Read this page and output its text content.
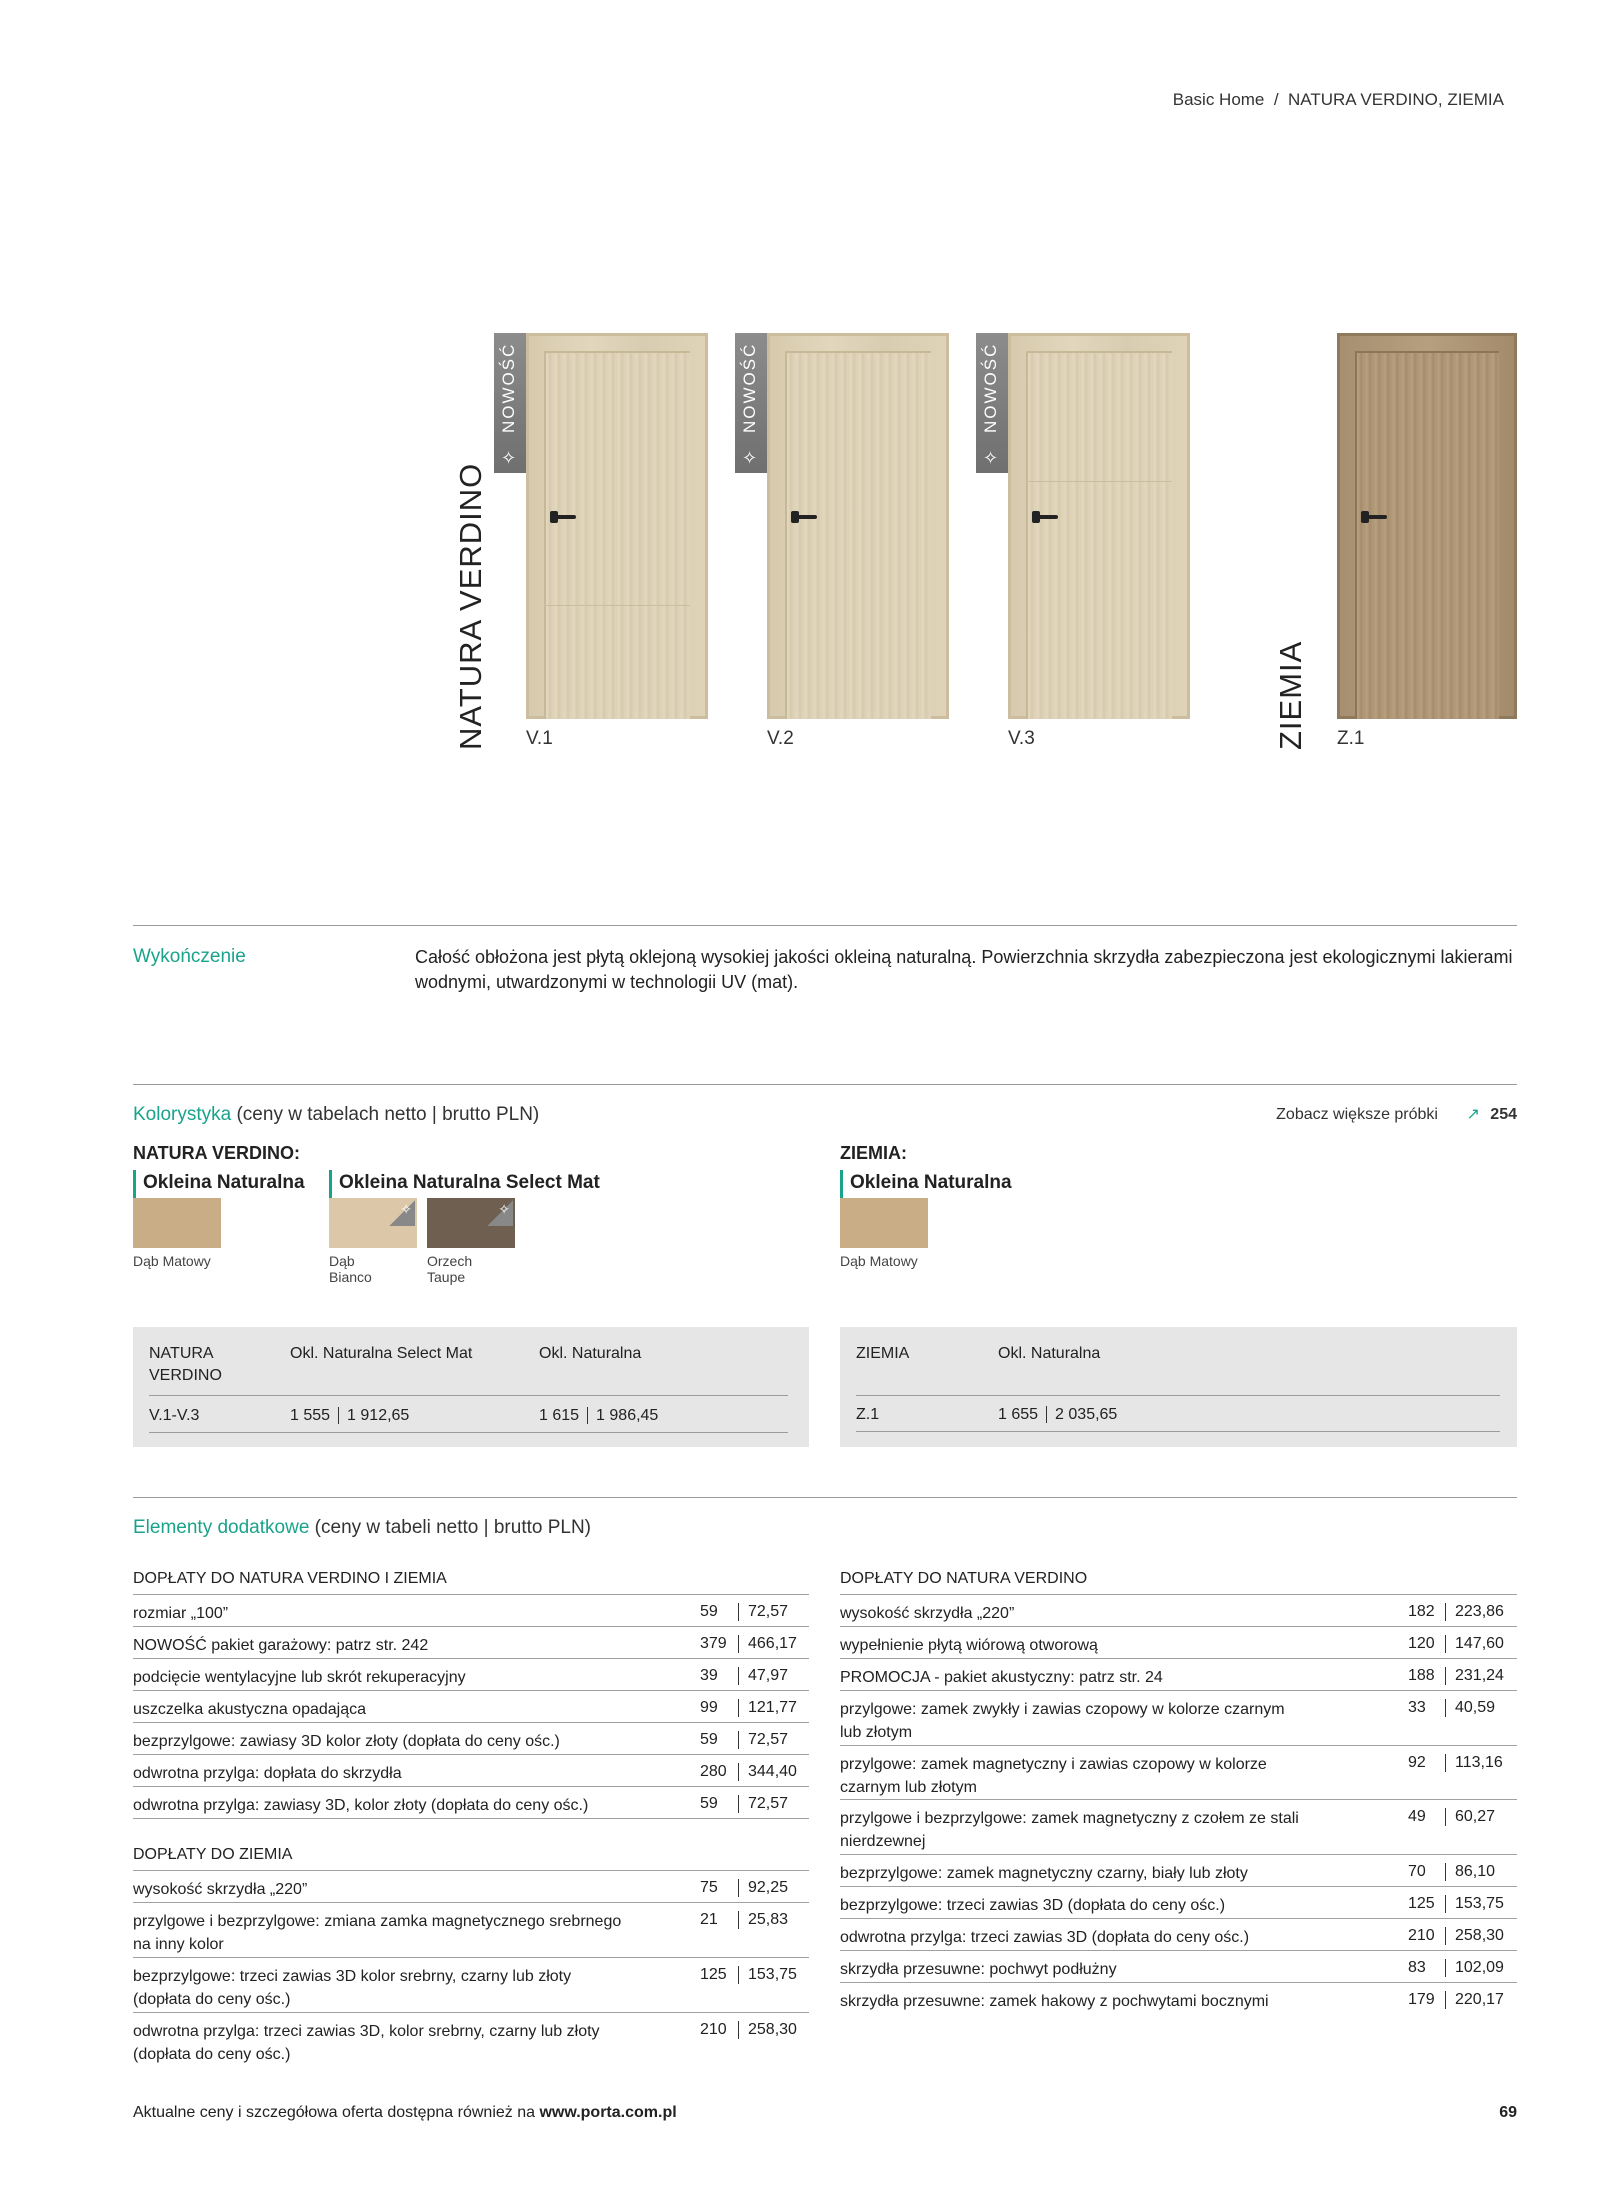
Basic Home  /  NATURA VERDINO, ZIEMIA
NATURA VERDINO	ZIEMIA
NOWOŚĆ
✧
V.1
NOWOŚĆ
✧
V.2
NOWOŚĆ
✧
V.3	Z.1
Wykończenie	Całość obłożona jest płytą oklejoną wysokiej jakości okleiną naturalną. Powierzchnia skrzydła zabezpieczona jest ekologicznymi lakierami wodnymi, utwardzonymi w technologii UV (mat).
Kolorystyka (ceny w tabelach netto | brutto PLN)	Zobacz większe próbki ↗ 254
NATURA VERDINO:	ZIEMIA:
Okleina Naturalna	Okleina Naturalna Select Mat	Okleina Naturalna
Dąb Matowy
✧
Dąb
Bianco
✧
Orzech
Taupe
Dąb Matowy
NATURA
VERDINO
Okl. Naturalna Select Mat	Okl. Naturalna
V.1-V.3	1 555 1 912,65	1 615 1 986,45
ZIEMIA	Okl. Naturalna
Z.1	1 655 2 035,65
Elementy dodatkowe (ceny w tabeli netto | brutto PLN)
DOPŁATY DO NATURA VERDINO I ZIEMIA
rozmiar „100”	59	72,57
NOWOŚĆ pakiet garażowy: patrz str. 242	379	466,17
podcięcie wentylacyjne lub skrót rekuperacyjny	39	47,97
uszczelka akustyczna opadająca	99	121,77
bezprzylgowe: zawiasy 3D kolor złoty (dopłata do ceny ośc.)	59	72,57
odwrotna przylga: dopłata do skrzydła	280	344,40
odwrotna przylga: zawiasy 3D, kolor złoty (dopłata do ceny ośc.)	59	72,57
DOPŁATY DO ZIEMIA
wysokość skrzydła „220”	75	92,25
przylgowe i bezprzylgowe: zmiana zamka magnetycznego srebrnego
na inny kolor
21	25,83
bezprzylgowe: trzeci zawias 3D kolor srebrny, czarny lub złoty
(dopłata do ceny ośc.)
125	153,75
odwrotna przylga: trzeci zawias 3D, kolor srebrny, czarny lub złoty
(dopłata do ceny ośc.)
210	258,30
DOPŁATY DO NATURA VERDINO
wysokość skrzydła „220”	182	223,86
wypełnienie płytą wiórową otworową	120	147,60
PROMOCJA - pakiet akustyczny: patrz str. 24	188	231,24
przylgowe: zamek zwykły i zawias czopowy w kolorze czarnym
lub złotym
33	40,59
przylgowe: zamek magnetyczny i zawias czopowy w kolorze
czarnym lub złotym
92	113,16
przylgowe i bezprzylgowe: zamek magnetyczny z czołem ze stali
nierdzewnej
49	60,27
bezprzylgowe: zamek magnetyczny czarny, biały lub złoty	70	86,10
bezprzylgowe: trzeci zawias 3D (dopłata do ceny ośc.)	125	153,75
odwrotna przylga: trzeci zawias 3D (dopłata do ceny ośc.)	210	258,30
skrzydła przesuwne: pochwyt podłużny	83	102,09
skrzydła przesuwne: zamek hakowy z pochwytami bocznymi	179	220,17
Aktualne ceny i szczegółowa oferta dostępna również na www.porta.com.pl	69
